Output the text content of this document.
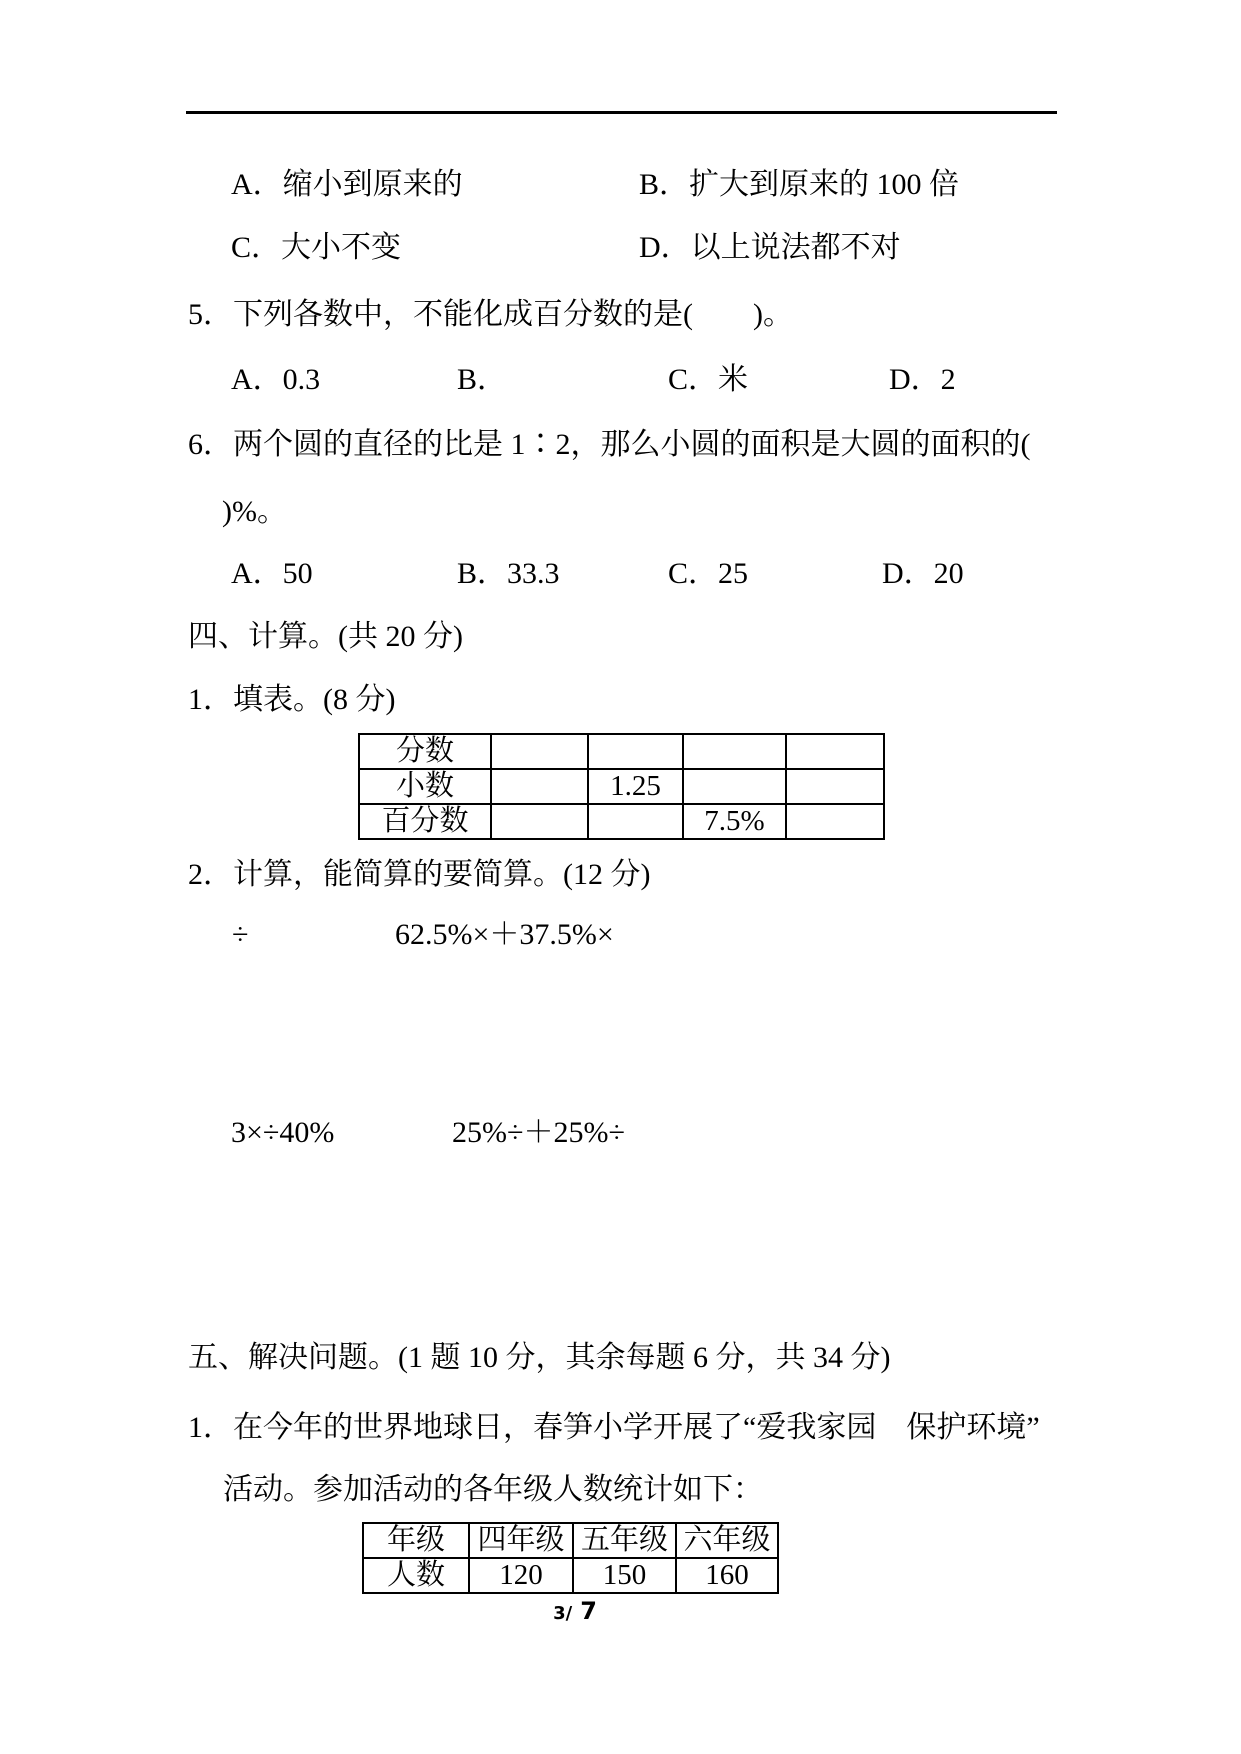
A．缩小到原来的	B．扩大到原来的 100 倍
C．大小不变	D．以上说法都不对
5．下列各数中，不能化成百分数的是(　　)。
A．0.3	B．	C．米	D．2
6．两个圆的直径的比是 1∶2，那么小圆的面积是大圆的面积的(
)%。
A．50	B．33.3	C．25	D．20
四、计算。(共 20 分)
1．填表。(8 分)
分数				
小数		1.25		
百分数			7.5%	
2．计算，能简算的要简算。(12 分)
÷	62.5%×＋37.5%×
3×÷40%	25%÷＋25%÷
五、解决问题。(1 题 10 分，其余每题 6 分，共 34 分)
1．在今年的世界地球日，春笋小学开展了“爱我家园　保护环境”
活动。参加活动的各年级人数统计如下：
年级	四年级	五年级	六年级
人数	120	150	160
3/ 7
